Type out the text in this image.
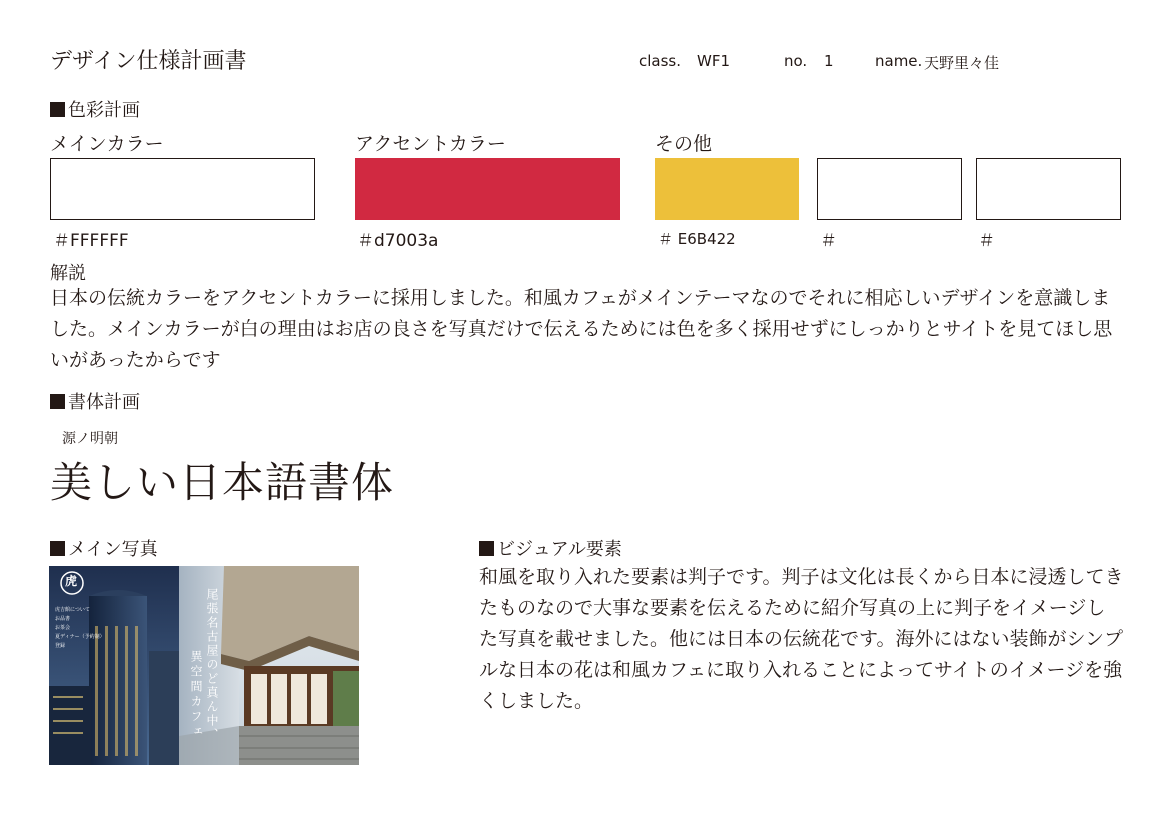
デザイン仕様計画書	class. WF1	no. 1	name. 天野里々佳
色彩計画
メインカラー	アクセントカラー	その他
＃FFFFFF	＃d7003a	＃ E6B422	＃	＃
解説
日本の伝統カラーをアクセントカラーに採用しました。和風カフェがメインテーマなのでそれに相応しいデザインを意識しました。メインカラーが白の理由はお店の良さを写真だけで伝えるためには色を多く採用せずにしっかりとサイトを見てほし思いがあったからです
書体計画
源ノ明朝
美しい日本語書体
メイン写真
虎
虎吉館について
お品書
お茶会
夏ディナー（予約制）
登録	尾張名古屋のど真ん中、
異空間カフェ
ビジュアル要素
和風を取り入れた要素は判子です。判子は文化は長くから日本に浸透してきたものなので大事な要素を伝えるために紹介写真の上に判子をイメージした写真を載せました。他には日本の伝統花です。海外にはない装飾がシンプルな日本の花は和風カフェに取り入れることによってサイトのイメージを強くしました。
